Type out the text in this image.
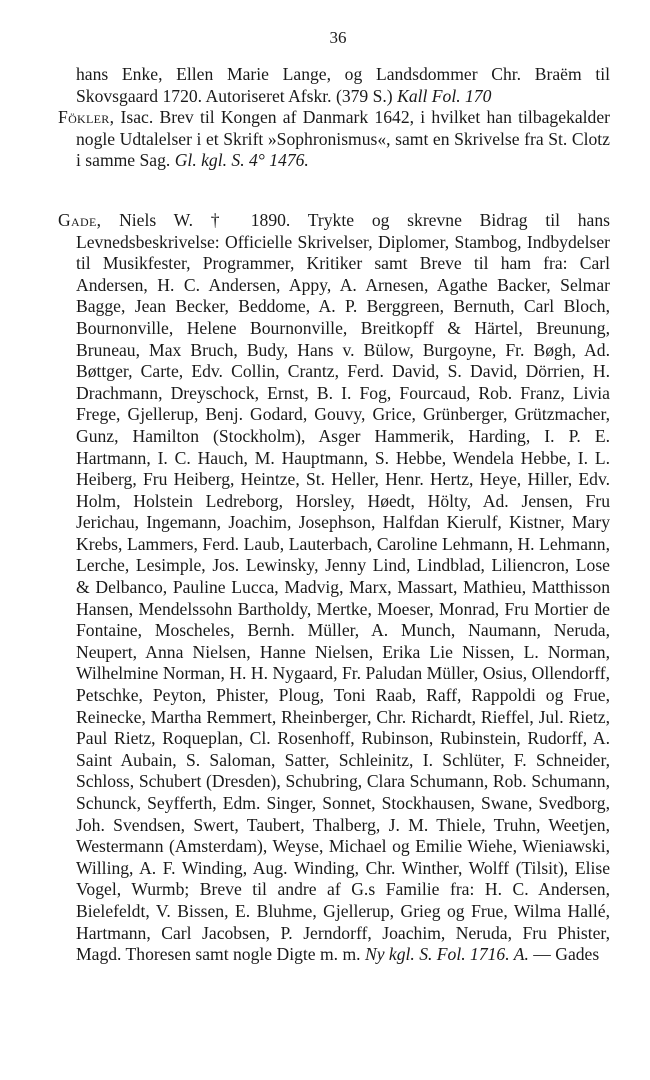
36

hans Enke, Ellen Marie Lange, og Landsdommer Chr. Braëm til Skovsgaard 1720. Autoriseret Afskr. (379 S.) Kall Fol. 170

Fökler, Isac. Brev til Kongen af Danmark 1642, i hvilket han tilbagekalder nogle Udtalelser i et Skrift »Sophronismus«, samt en Skrivelse fra St. Clotz i samme Sag. Gl. kgl. S. 4° 1476.

Gade, Niels W. † 1890. Trykte og skrevne Bidrag til hans Levnedsbeskrivelse: Officielle Skrivelser, Diplomer, Stambog, Indbydelser til Musikfester, Programmer, Kritiker samt Breve til ham fra: Carl Andersen, H. C. Andersen, Appy, A. Arnesen, Agathe Backer, Selmar Bagge, Jean Becker, Beddome, A. P. Berggreen, Bernuth, Carl Bloch, Bournonville, Helene Bournonville, Breitkopff & Härtel, Breunung, Bruneau, Max Bruch, Budy, Hans v. Bülow, Burgoyne, Fr. Bøgh, Ad. Bøttger, Carte, Edv. Collin, Crantz, Ferd. David, S. David, Dörrien, H. Drachmann, Dreyschock, Ernst, B. I. Fog, Fourcaud, Rob. Franz, Livia Frege, Gjellerup, Benj. Godard, Gouvy, Grice, Grünberger, Grützmacher, Gunz, Hamilton (Stockholm), Asger Hammerik, Harding, I. P. E. Hartmann, I. C. Hauch, M. Hauptmann, S. Hebbe, Wendela Hebbe, I. L. Heiberg, Fru Heiberg, Heintze, St. Heller, Henr. Hertz, Heye, Hiller, Edv. Holm, Holstein Ledreborg, Horsley, Høedt, Hölty, Ad. Jensen, Fru Jerichau, Ingemann, Joachim, Josephson, Halfdan Kierulf, Kistner, Mary Krebs, Lammers, Ferd. Laub, Lauterbach, Caroline Lehmann, H. Lehmann, Lerche, Lesimple, Jos. Lewinsky, Jenny Lind, Lindblad, Liliencron, Lose & Delbanco, Pauline Lucca, Madvig, Marx, Massart, Mathieu, Matthisson Hansen, Mendelssohn Bartholdy, Mertke, Moeser, Monrad, Fru Mortier de Fontaine, Moscheles, Bernh. Müller, A. Munch, Naumann, Neruda, Neupert, Anna Nielsen, Hanne Nielsen, Erika Lie Nissen, L. Norman, Wilhelmine Norman, H. H. Nygaard, Fr. Paludan Müller, Osius, Ollendorff, Petschke, Peyton, Phister, Ploug, Toni Raab, Raff, Rappoldi og Frue, Reinecke, Martha Remmert, Rheinberger, Chr. Richardt, Rieffel, Jul. Rietz, Paul Rietz, Roqueplan, Cl. Rosenhoff, Rubinson, Rubinstein, Rudorff, A. Saint Aubain, S. Saloman, Satter, Schleinitz, I. Schlüter, F. Schneider, Schloss, Schubert (Dresden), Schubring, Clara Schumann, Rob. Schumann, Schunck, Seyfferth, Edm. Singer, Sonnet, Stockhausen, Swane, Svedborg, Joh. Svendsen, Swert, Taubert, Thalberg, J. M. Thiele, Truhn, Weetjen, Westermann (Amsterdam), Weyse, Michael og Emilie Wiehe, Wieniawski, Willing, A. F. Winding, Aug. Winding, Chr. Winther, Wolff (Tilsit), Elise Vogel, Wurmb; Breve til andre af G.s Familie fra: H. C. Andersen, Bielefeldt, V. Bissen, E. Bluhme, Gjellerup, Grieg og Frue, Wilma Hallé, Hartmann, Carl Jacobsen, P. Jerndorff, Joachim, Neruda, Fru Phister, Magd. Thoresen samt nogle Digte m. m. Ny kgl. S. Fol. 1716. A. — Gades
